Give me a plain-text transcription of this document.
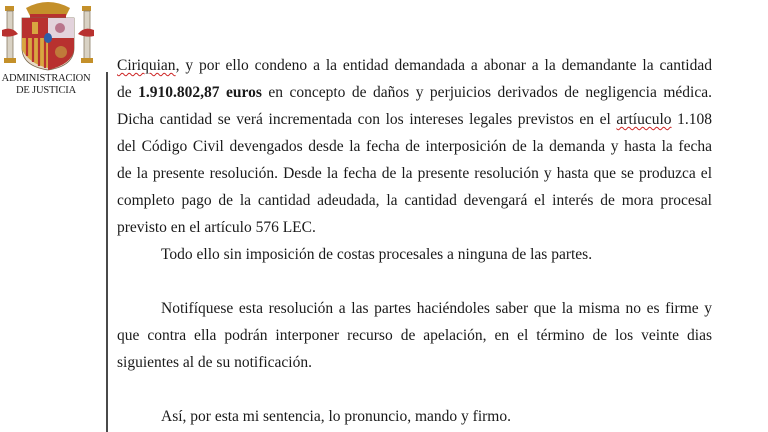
ADMINISTRACION
DE JUSTICIA
Ciriquian, y por ello condeno a la entidad demandada a abonar a la demandante la cantidad
de 1.910.802,87 euros en concepto de daños y perjuicios derivados de negligencia médica.
Dicha cantidad se verá incrementada con los intereses legales previstos en el artíuculo 1.108
del Código Civil devengados desde la fecha de interposición de la demanda y hasta la fecha
de la presente resolución. Desde la fecha de la presente resolución y hasta que se produzca el
completo pago de la cantidad adeudada, la cantidad devengará el interés de mora procesal
previsto en el artículo 576 LEC.
Todo ello sin imposición de costas procesales a ninguna de las partes.
Notifíquese esta resolución a las partes haciéndoles saber que la misma no es firme y
que contra ella podrán interponer recurso de apelación, en el término de los veinte dias
siguientes al de su notificación.
Así, por esta mi sentencia, lo pronuncio, mando y firmo.
